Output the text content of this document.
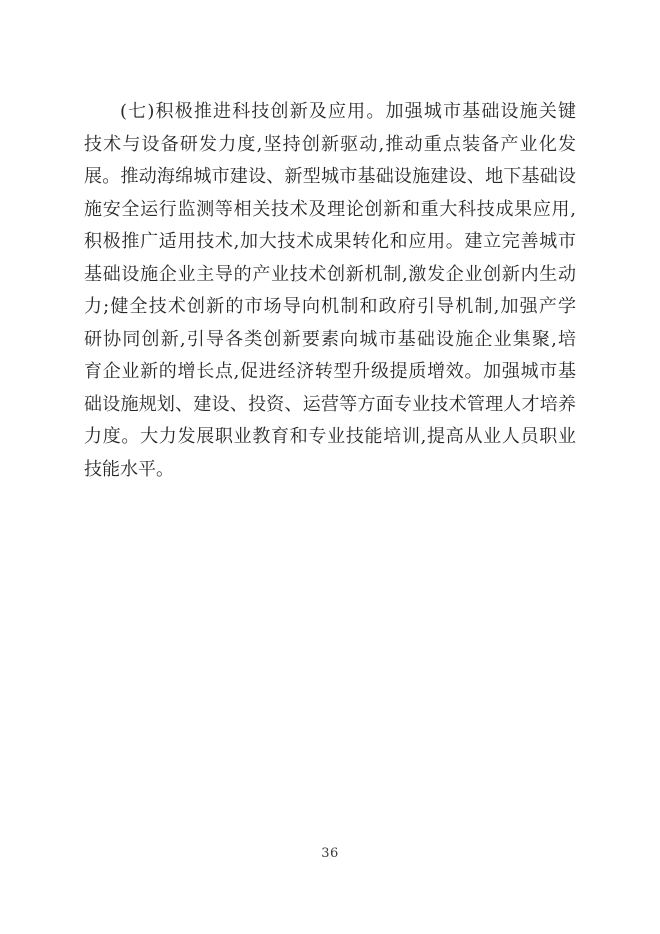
(七)积极推进科技创新及应用。加强城市基础设施关键
技术与设备研发力度,坚持创新驱动,推动重点装备产业化发
展。推动海绵城市建设、新型城市基础设施建设、地下基础设
施安全运行监测等相关技术及理论创新和重大科技成果应用,
积极推广适用技术,加大技术成果转化和应用。建立完善城市
基础设施企业主导的产业技术创新机制,激发企业创新内生动
力;健全技术创新的市场导向机制和政府引导机制,加强产学
研协同创新,引导各类创新要素向城市基础设施企业集聚,培
育企业新的增长点,促进经济转型升级提质增效。加强城市基
础设施规划、建设、投资、运营等方面专业技术管理人才培养
力度。大力发展职业教育和专业技能培训,提高从业人员职业
技能水平。
36
